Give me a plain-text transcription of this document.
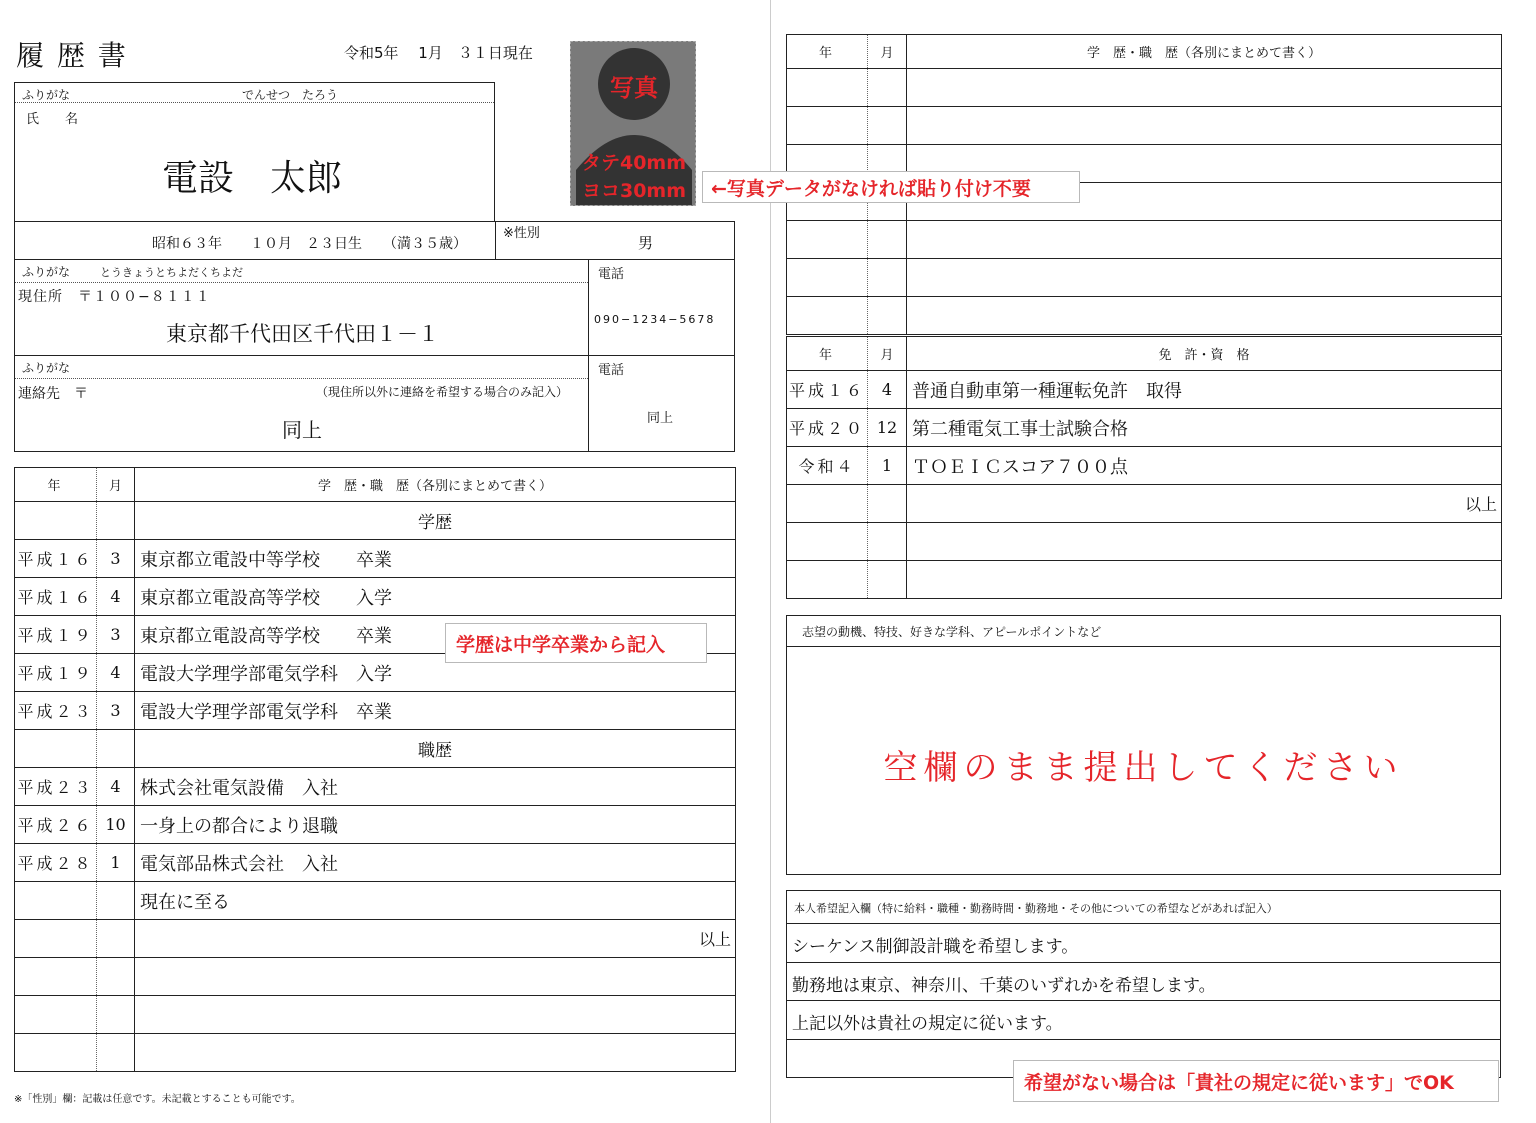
履 歴 書	令和5年　 1月　３１日現在
写真
タテ40mm
ヨコ30mm
ふりがな	でんせつ　たろう
氏　　名
電設　太郎
昭和６３年　　１０月　２３日生　　（満３５歳）
※性別
男
ふりがな	とうきょうとちよだくちよだ
現住所　〒１００−８１１１
東京都千代田区千代田１－１
電話
090−1234−5678
ふりがな
連絡先　〒	（現住所以外に連絡を希望する場合のみ記入）
同上
電話
同上
年	月	学　歴・職　歴（各別にまとめて書く）
		学歴
平成１６	3	東京都立電設中等学校　　卒業
平成１６	4	東京都立電設高等学校　　入学
平成１９	3	東京都立電設高等学校　　卒業
平成１９	4	電設大学理学部電気学科　入学
平成２３	3	電設大学理学部電気学科　卒業
		職歴
平成２３	4	株式会社電気設備　入社
平成２６	10	一身上の都合により退職
平成２８	1	電気部品株式会社　入社
		現在に至る
		以上

※「性別」欄：記載は任意です。未記載とすることも可能です。
年	月	学　歴・職　歴（各別にまとめて書く）

年	月	免　許・資　格
平成１６	4	普通自動車第一種運転免許　取得
平成２０	12	第二種電気工事士試験合格
令和４	1	ＴＯＥＩＣスコア７００点
		以上

志望の動機、特技、好きな学科、アピールポイントなど
空欄のまま提出してください
本人希望記入欄（特に給料・職種・勤務時間・勤務地・その他についての希望などがあれば記入）
シーケンス制御設計職を希望します。
勤務地は東京、神奈川、千葉のいずれかを希望します。
上記以外は貴社の規定に従います。
←写真データがなければ貼り付け不要
学歴は中学卒業から記入
希望がない場合は「貴社の規定に従います」でOK
